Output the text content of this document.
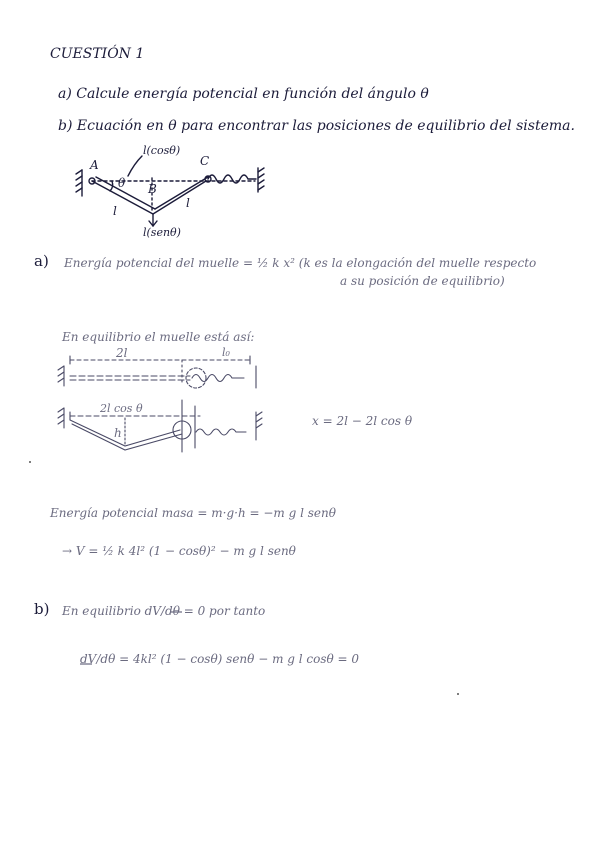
CUESTIÓN 1
a) Calcule energía potencial en función del ángulo θ
b) Ecuación en θ para encontrar las posiciones de equilibrio del sistema.
A
B
C
θ
l
l
l(cosθ)
l(senθ)
a) Energía potencial del muelle = ½ k x² (k es la elongación del muelle respecto
a su posición de equilibrio)
En equilibrio el muelle está así:
2l	l₀
2l cos θ
h
x = 2l − 2l cos θ
Energía potencial masa = m·g·h = −m g l senθ
→ V = ½ k 4l² (1 − cosθ)² − m g l senθ
b) En equilibrio dV/dθ = 0 por tanto
dV/dθ = 4kl² (1 − cosθ) senθ − m g l cosθ = 0
